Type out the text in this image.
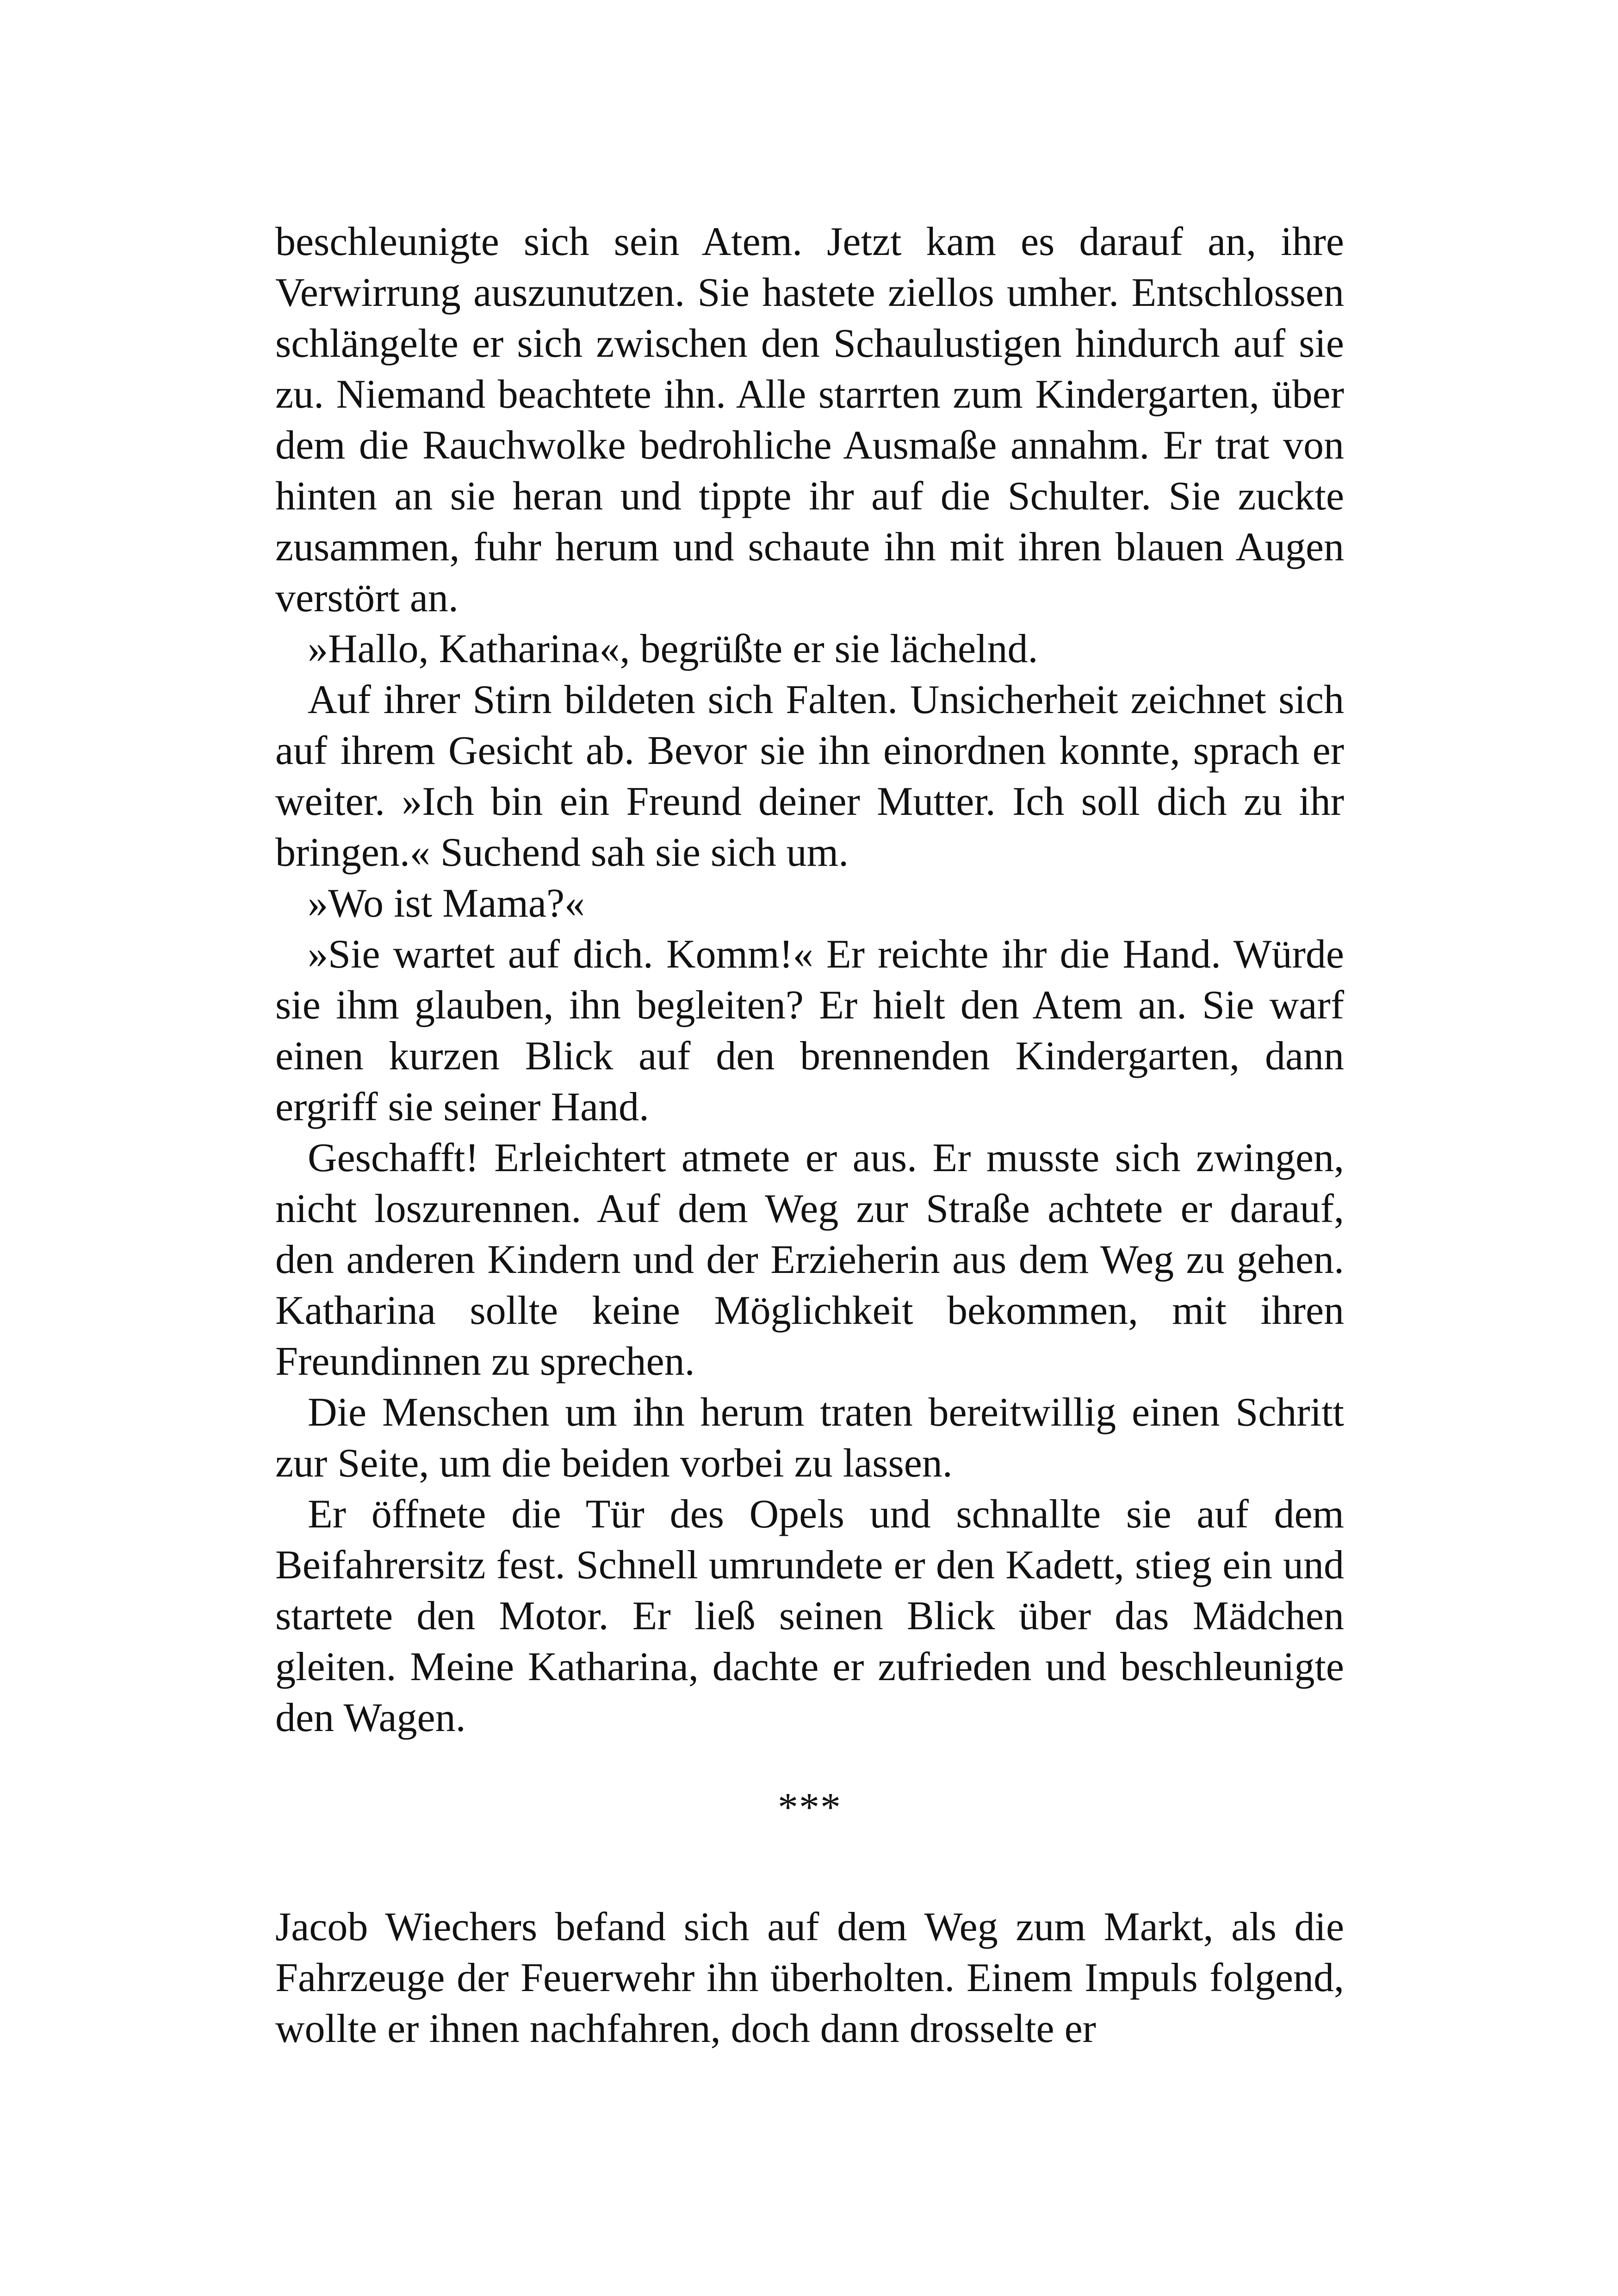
beschleunigte sich sein Atem. Jetzt kam es darauf an, ihre Verwirrung auszunutzen. Sie hastete ziellos umher. Entschlossen schlängelte er sich zwischen den Schaulustigen hindurch auf sie zu. Niemand beachtete ihn. Alle starrten zum Kindergarten, über dem die Rauchwolke bedrohliche Ausmaße annahm. Er trat von hinten an sie heran und tippte ihr auf die Schulter. Sie zuckte zusammen, fuhr herum und schaute ihn mit ihren blauen Augen verstört an.

»Hallo, Katharina«, begrüßte er sie lächelnd.

Auf ihrer Stirn bildeten sich Falten. Unsicherheit zeichnet sich auf ihrem Gesicht ab. Bevor sie ihn einordnen konnte, sprach er weiter. »Ich bin ein Freund deiner Mutter. Ich soll dich zu ihr bringen.« Suchend sah sie sich um.

»Wo ist Mama?«

»Sie wartet auf dich. Komm!« Er reichte ihr die Hand. Würde sie ihm glauben, ihn begleiten? Er hielt den Atem an. Sie warf einen kurzen Blick auf den brennenden Kindergarten, dann ergriff sie seiner Hand.

Geschafft! Erleichtert atmete er aus. Er musste sich zwingen, nicht loszurennen. Auf dem Weg zur Straße achtete er darauf, den anderen Kindern und der Erzieherin aus dem Weg zu gehen. Katharina sollte keine Möglichkeit bekommen, mit ihren Freundinnen zu sprechen.

Die Menschen um ihn herum traten bereitwillig einen Schritt zur Seite, um die beiden vorbei zu lassen.

Er öffnete die Tür des Opels und schnallte sie auf dem Beifahrersitz fest. Schnell umrundete er den Kadett, stieg ein und startete den Motor. Er ließ seinen Blick über das Mädchen gleiten. Meine Katharina, dachte er zufrieden und beschleunigte den Wagen.

***

Jacob Wiechers befand sich auf dem Weg zum Markt, als die Fahrzeuge der Feuerwehr ihn überholten. Einem Impuls folgend, wollte er ihnen nachfahren, doch dann drosselte er
